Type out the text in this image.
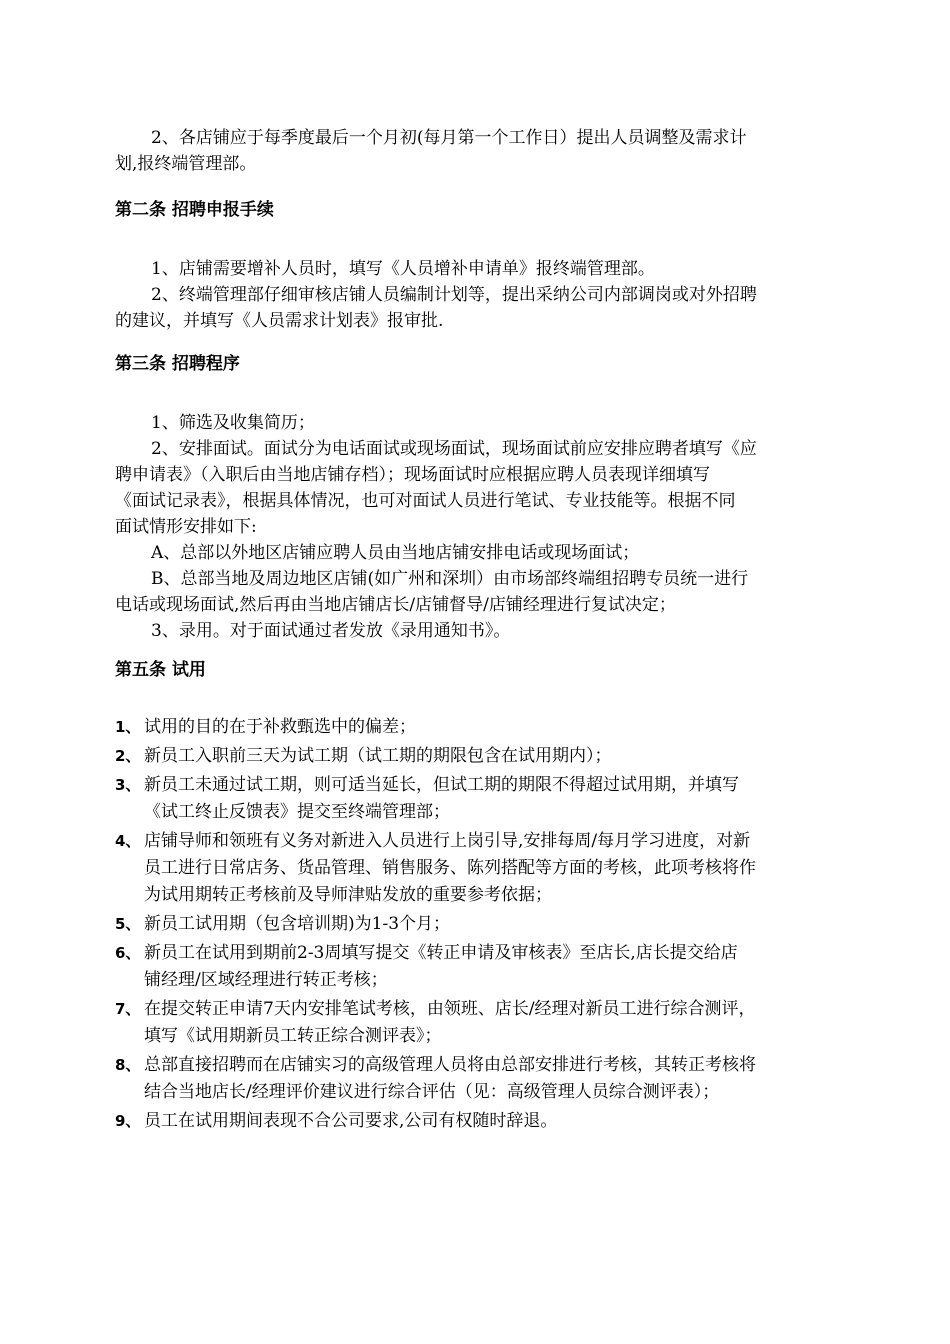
2、各店铺应于每季度最后一个月初(每月第一个工作日）提出人员调整及需求计
划,报终端管理部。
第二条 招聘申报手续
1、店铺需要增补人员时，填写《人员增补申请单》报终端管理部。
2、终端管理部仔细审核店铺人员编制计划等，提出采纳公司内部调岗或对外招聘
的建议，并填写《人员需求计划表》报审批.
第三条 招聘程序
1、筛选及收集简历；
2、安排面试。面试分为电话面试或现场面试，现场面试前应安排应聘者填写《应
聘申请表》（入职后由当地店铺存档）；现场面试时应根据应聘人员表现详细填写
《面试记录表》，根据具体情况，也可对面试人员进行笔试、专业技能等。根据不同
面试情形安排如下:
A、总部以外地区店铺应聘人员由当地店铺安排电话或现场面试；
B、总部当地及周边地区店铺(如广州和深圳）由市场部终端组招聘专员统一进行
电话或现场面试,然后再由当地店铺店长/店铺督导/店铺经理进行复试决定；
3、录用。对于面试通过者发放《录用通知书》。
第五条 试用
1、 试用的目的在于补救甄选中的偏差；
2、 新员工入职前三天为试工期（试工期的期限包含在试用期内）；
3、 新员工未通过试工期，则可适当延长，但试工期的期限不得超过试用期，并填写
《试工终止反馈表》提交至终端管理部；
4、 店铺导师和领班有义务对新进入人员进行上岗引导,安排每周/每月学习进度，对新
员工进行日常店务、货品管理、销售服务、陈列搭配等方面的考核，此项考核将作
为试用期转正考核前及导师津贴发放的重要参考依据；
5、 新员工试用期（包含培训期)为1-3个月；
6、 新员工在试用到期前2-3周填写提交《转正申请及审核表》至店长,店长提交给店
铺经理/区域经理进行转正考核；
7、 在提交转正申请7天内安排笔试考核，由领班、店长/经理对新员工进行综合测评，
填写《试用期新员工转正综合测评表》；
8、 总部直接招聘而在店铺实习的高级管理人员将由总部安排进行考核，其转正考核将
结合当地店长/经理评价建议进行综合评估（见：高级管理人员综合测评表）；
9、 员工在试用期间表现不合公司要求,公司有权随时辞退。
